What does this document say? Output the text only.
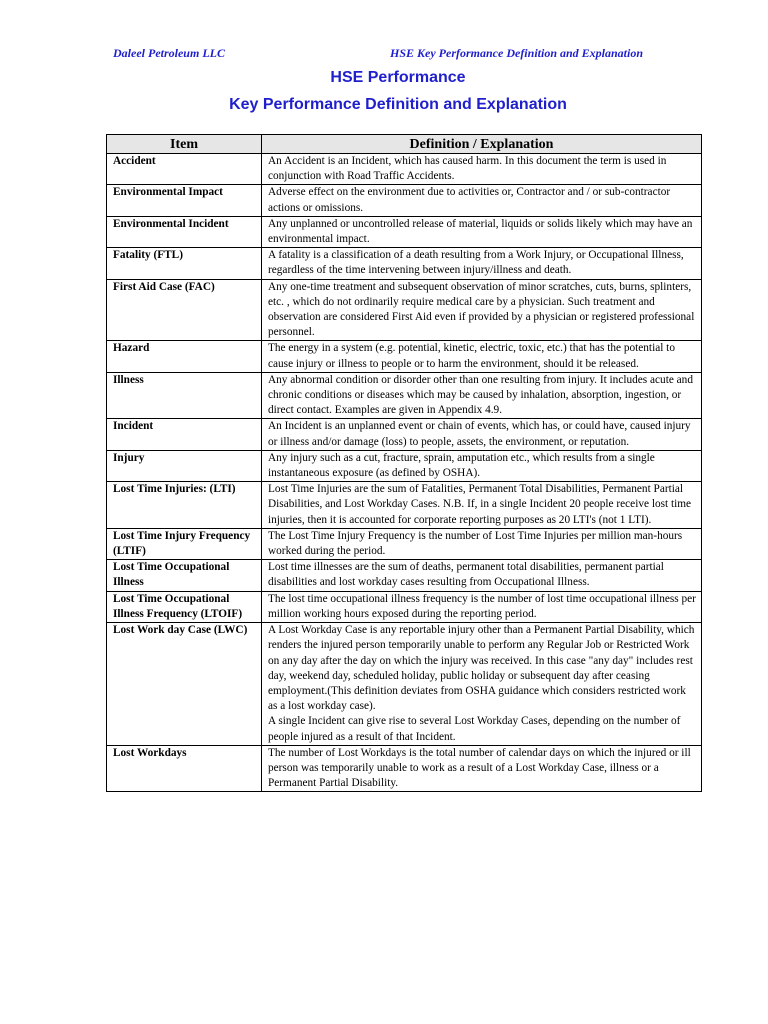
Daleel Petroleum LLC	HSE Key Performance Definition and Explanation
HSE Performance
Key Performance Definition and Explanation
Item	Definition / Explanation
Accident	An Accident is an Incident, which has caused harm. In this document the term is used in conjunction with Road Traffic Accidents.

Environmental Impact	Adverse effect on the environment due to activities or, Contractor and / or sub-contractor actions or omissions.

Environmental Incident	Any unplanned or uncontrolled release of material, liquids or solids likely which may have an environmental impact.

Fatality (FTL)	A fatality is a classification of a death resulting from a Work Injury, or Occupational Illness, regardless of the time intervening between injury/illness and death.

First Aid Case (FAC)	Any one-time treatment and subsequent observation of minor scratches, cuts, burns, splinters, etc. , which do not ordinarily require medical care by a physician. Such treatment and observation are considered First Aid even if provided by a physician or registered professional personnel.

Hazard	The energy in a system (e.g. potential, kinetic, electric, toxic, etc.) that has the potential to cause injury or illness to people or to harm the environment, should it be released.

Illness	Any abnormal condition or disorder other than one resulting from injury. It includes acute and chronic conditions or diseases which may be caused by inhalation, absorption, ingestion, or direct contact. Examples are given in Appendix 4.9.

Incident	An Incident is an unplanned event or chain of events, which has, or could have, caused injury or illness and/or damage (loss) to people, assets, the environment, or reputation.

Injury	Any injury such as a cut, fracture, sprain, amputation etc., which results from a single instantaneous exposure (as defined by OSHA).

Lost Time Injuries: (LTI)	Lost Time Injuries are the sum of Fatalities, Permanent Total Disabilities, Permanent Partial Disabilities, and Lost Workday Cases. N.B. If, in a single Incident 20 people receive lost time injuries, then it is accounted for corporate reporting purposes as 20 LTI's (not 1 LTI).

Lost Time Injury Frequency (LTIF)	The Lost Time Injury Frequency is the number of Lost Time Injuries per million man-hours worked during the period.

Lost Time Occupational Illness	Lost time illnesses are the sum of deaths, permanent total disabilities, permanent partial disabilities and lost workday cases resulting from Occupational Illness.

Lost Time Occupational Illness Frequency (LTOIF)	The lost time occupational illness frequency is the number of lost time occupational illness per million working hours exposed during the reporting period.

Lost Work day Case (LWC)	A Lost Workday Case is any reportable injury other than a Permanent Partial Disability, which renders the injured person temporarily unable to perform any Regular Job or Restricted Work on any day after the day on which the injury was received. In this case "any day" includes rest day, weekend day, scheduled holiday, public holiday or subsequent day after ceasing employment.(This definition deviates from OSHA guidance which considers restricted work as a lost workday case).
A single Incident can give rise to several Lost Workday Cases, depending on the number of people injured as a result of that Incident.

Lost Workdays	The number of Lost Workdays is the total number of calendar days on which the injured or ill person was temporarily unable to work as a result of a Lost Workday Case, illness or a Permanent Partial Disability.
